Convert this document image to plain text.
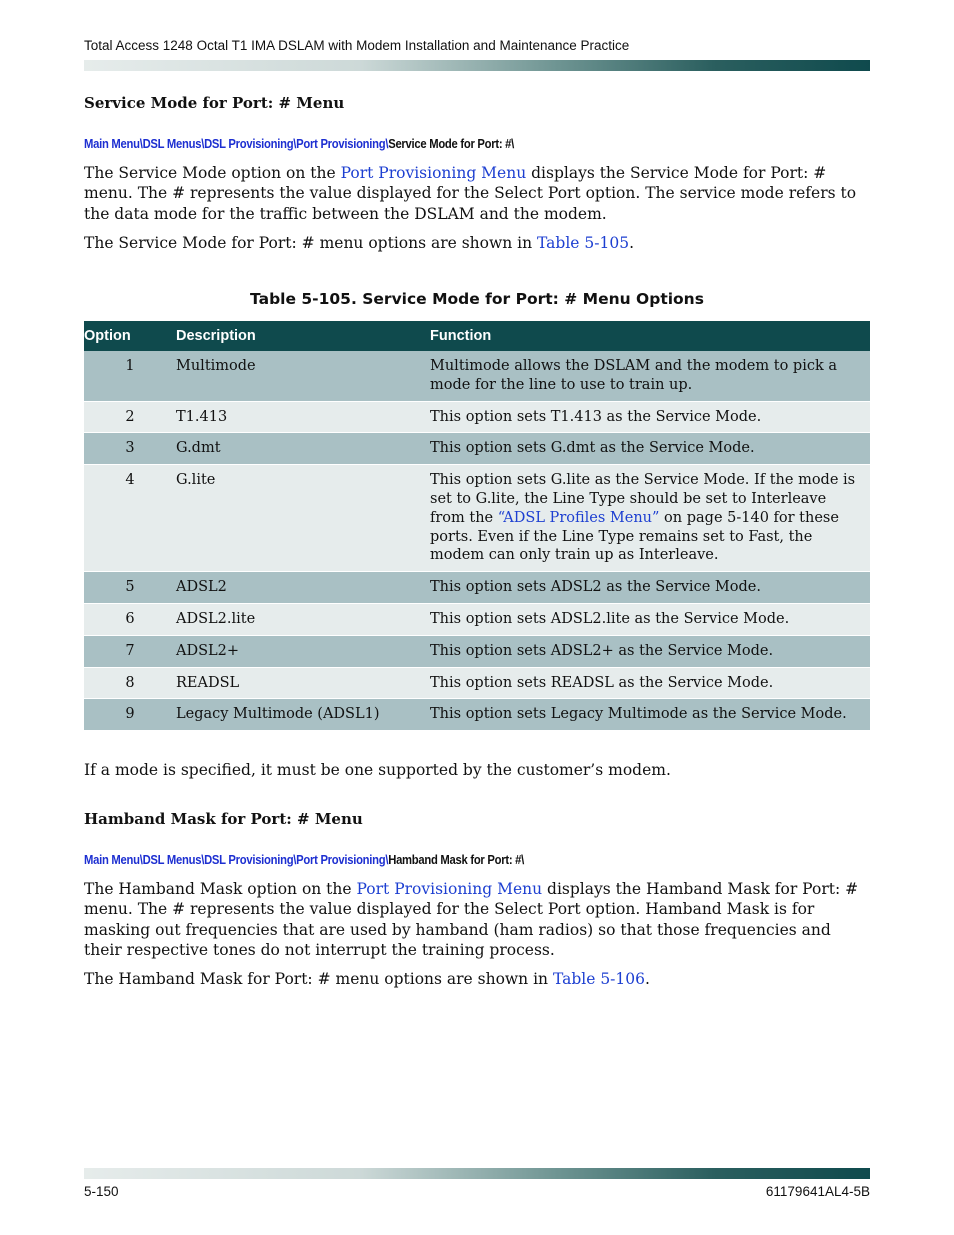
Total Access 1248 Octal T1 IMA DSLAM with Modem Installation and Maintenance Practice
Service Mode for Port: # Menu
Main Menu\DSL Menus\DSL Provisioning\Port Provisioning\Service Mode for Port: #\

The Service Mode option on the Port Provisioning Menu displays the Service Mode for Port: # menu. The # represents the value displayed for the Select Port option. The service mode refers to the data mode for the traffic between the DSLAM and the modem.

The Service Mode for Port: # menu options are shown in Table 5-105.

Table 5-105. Service Mode for Port: # Menu Options
Option	Description	Function
1	Multimode	Multimode allows the DSLAM and the modem to pick a mode for the line to use to train up.
2	T1.413	This option sets T1.413 as the Service Mode.
3	G.dmt	This option sets G.dmt as the Service Mode.
4	G.lite	This option sets G.lite as the Service Mode. If the mode is set to G.lite, the Line Type should be set to Interleave from the “ADSL Profiles Menu” on page 5-140 for these ports. Even if the Line Type remains set to Fast, the modem can only train up as Interleave.
5	ADSL2	This option sets ADSL2 as the Service Mode.
6	ADSL2.lite	This option sets ADSL2.lite as the Service Mode.
7	ADSL2+	This option sets ADSL2+ as the Service Mode.
8	READSL	This option sets READSL as the Service Mode.
9	Legacy Multimode (ADSL1)	This option sets Legacy Multimode as the Service Mode.

If a mode is specified, it must be one supported by the customer’s modem.

Hamband Mask for Port: # Menu
Main Menu\DSL Menus\DSL Provisioning\Port Provisioning\Hamband Mask for Port: #\

The Hamband Mask option on the Port Provisioning Menu displays the Hamband Mask for Port: # menu. The # represents the value displayed for the Select Port option. Hamband Mask is for masking out frequencies that are used by hamband (ham radios) so that those frequencies and their respective tones do not interrupt the training process.

The Hamband Mask for Port: # menu options are shown in Table 5-106.

5-150	61179641AL4-5B
